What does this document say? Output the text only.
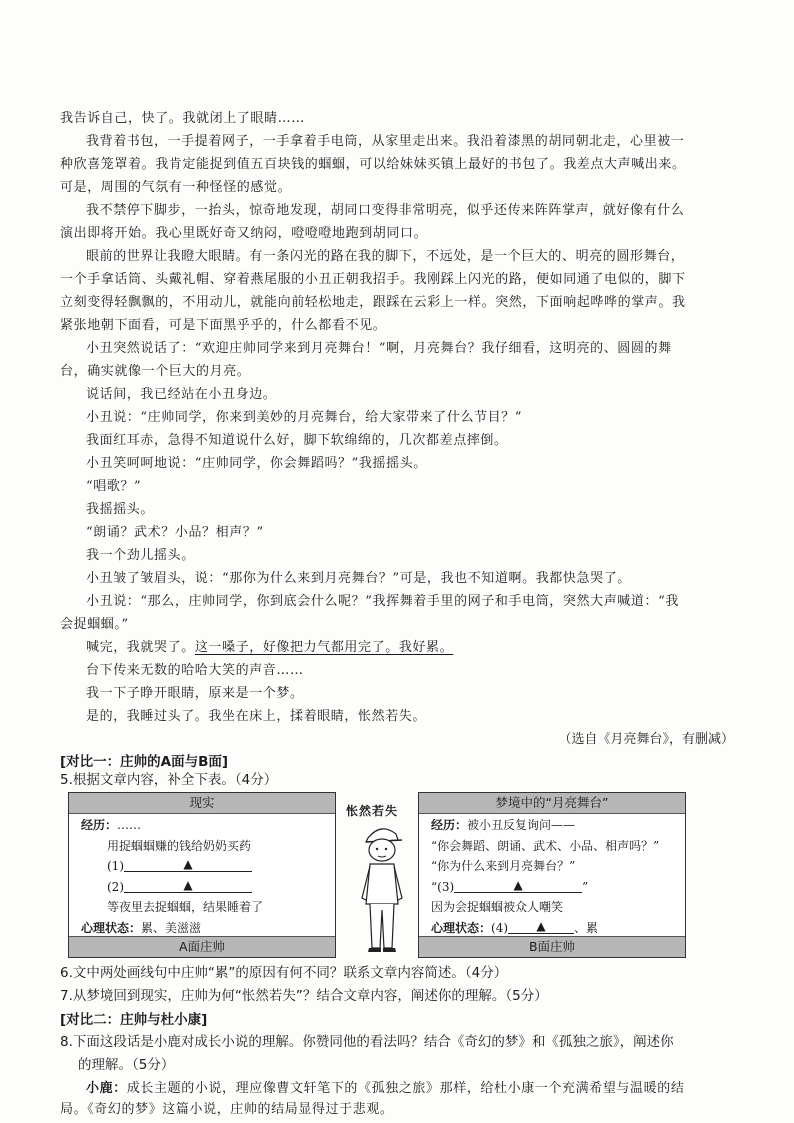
我告诉自己，快了。我就闭上了眼睛……

我背着书包，一手提着网子，一手拿着手电筒，从家里走出来。我沿着漆黑的胡同朝北走，心里被一

种欣喜笼罩着。我肯定能捉到值五百块钱的蝈蝈，可以给妹妹买镇上最好的书包了。我差点大声喊出来。

可是，周围的气氛有一种怪怪的感觉。

我不禁停下脚步，一抬头，惊奇地发现，胡同口变得非常明亮，似乎还传来阵阵掌声，就好像有什么

演出即将开始。我心里既好奇又纳闷，噔噔噔地跑到胡同口。

眼前的世界让我瞪大眼睛。有一条闪光的路在我的脚下，不远处，是一个巨大的、明亮的圆形舞台，

一个手拿话筒、头戴礼帽、穿着燕尾服的小丑正朝我招手。我刚踩上闪光的路，便如同通了电似的，脚下

立刻变得轻飘飘的，不用动儿，就能向前轻松地走，跟踩在云彩上一样。突然，下面响起哗哗的掌声。我

紧张地朝下面看，可是下面黑乎乎的，什么都看不见。

小丑突然说话了：“欢迎庄帅同学来到月亮舞台！”啊，月亮舞台？我仔细看，这明亮的、圆圆的舞

台，确实就像一个巨大的月亮。

说话间，我已经站在小丑身边。

小丑说：“庄帅同学，你来到美妙的月亮舞台，给大家带来了什么节目？”

我面红耳赤，急得不知道说什么好，脚下软绵绵的，几次都差点摔倒。

小丑笑呵呵地说：“庄帅同学，你会舞蹈吗？”我摇摇头。

“唱歌？”

我摇摇头。

“朗诵？武术？小品？相声？”

我一个劲儿摇头。

小丑皱了皱眉头，说：“那你为什么来到月亮舞台？”可是，我也不知道啊。我都快急哭了。

小丑说：“那么，庄帅同学，你到底会什么呢？”我挥舞着手里的网子和手电筒，突然大声喊道：“我

会捉蝈蝈。”

喊完，我就哭了。这一嗓子，好像把力气都用完了。我好累。

台下传来无数的哈哈大笑的声音……

我一下子睁开眼睛，原来是一个梦。

是的，我睡过头了。我坐在床上，揉着眼睛，怅然若失。

（选自《月亮舞台》，有删减）
[对比一：庄帅的A面与B面]
5.根据文章内容，补全下表。（4分）
现实
经历：……
用捉蝈蝈赚的钱给奶奶买药
(1)	▲
(2)	▲
等夜里去捉蝈蝈，结果睡着了
心理状态：累、美滋滋
A面庄帅
怅然若失
梦境中的“月亮舞台”
经历：被小丑反复询问——
“你会舞蹈、朗诵、武术、小品、相声吗？”
“你为什么来到月亮舞台？”
“(3)	▲	”
因为会捉蝈蝈被众人嘲笑
心理状态：(4) ▲ 、累
B面庄帅
6.文中两处画线句中庄帅“累”的原因有何不同？联系文章内容简述。（4分）
7.从梦境回到现实，庄帅为何“怅然若失”？结合文章内容，阐述你的理解。（5分）
[对比二：庄帅与杜小康]
8.下面这段话是小鹿对成长小说的理解。你赞同他的看法吗？结合《奇幻的梦》和《孤独之旅》，阐述你
的理解。（5分）

小鹿：成长主题的小说，理应像曹文轩笔下的《孤独之旅》那样，给杜小康一个充满希望与温暖的结

局。《奇幻的梦》这篇小说，庄帅的结局显得过于悲观。
